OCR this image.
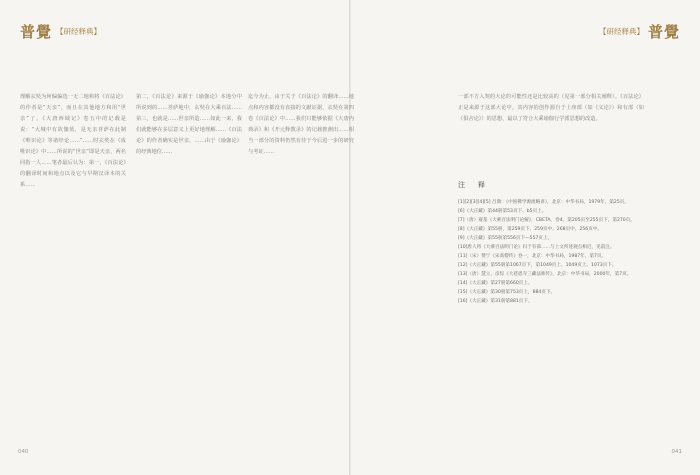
普覺 【研经释典】	【研经释典】 普覺

理解玄奘为何偏偏选一无二地和将《百法论》的作者是“天亲”，而且在其他地方和用“世亲”了。《大唐西域记》卷五中的记载是说：“大城中有故伽蓝，是无亲菩萨在此制《唯识论》等诸经论……”……时玄奘在《成唯识论》中……所说的“世亲”即是天亲，两名同指一人……笔者最后认为：第一，《百法论》的翻译时间和地点以及它与早期汉译本的关系……

第二，《百法论》来源于《瑜伽论》本地分中所说到的……菩萨地中，玄奘在大乘百法……第三，也就是……世亲所造……如此一来，我们就能够在多层意义上更好地理解……《百法论》的作者确实是世亲。……由于《瑜伽论》的经典地位……

迄今为止，由于关于《百法论》的翻译……地点和内容都没有直接的文献证据，玄奘在第四卷《百法论》中……我们只能够依据《大唐内典录》和《开元释教录》的记载推测出……相当一部分的资料仍然有待于今后进一步的研究与考证……

一部不方入契的大论的可能性还是比较高的（见第一部分相关阐释）。《百法论》正是来源于这部大论中。其内容的创作源自于上座部（如《义论》）和有部（如《俱舍论》）的思想，最以了符合大乘瑜伽行学派思想的改造。

注　释
[1][2][3][4][5] 吕澂：《中国佛学源流略讲》，北京：中华书局，1979年，第25页。
[6]《大正藏》第44册第53页下、b5页上。
[7]（唐）窥基《大乘百法明门论解》，CBETA，卷4，第205页至255页下，第270页。
[8]《大正藏》第55册，第259页下、259页中、268页中、256页中。
[9]《大正藏》第55册第556页下—557页上。
[10]唐人将《大乘百法明门论》归于有部……与上文所述观点相近，见前注。
[11]（宋）赞宁《宋高僧传》卷一，北京：中华书局，1987年，第7页。
[12]《大正藏》第55册第1067页下，第1049页上、1049页上、1073页下。
[13]（唐）慧立、彦悰《大慈恩寺三藏法师传》，北京：中华书局，2000年，第7页。
[14]《大正藏》第27册第660页上。
[15]《大正藏》第30册第753页上，884页下。
[16]《大正藏》第31册第881页下。
040	041
